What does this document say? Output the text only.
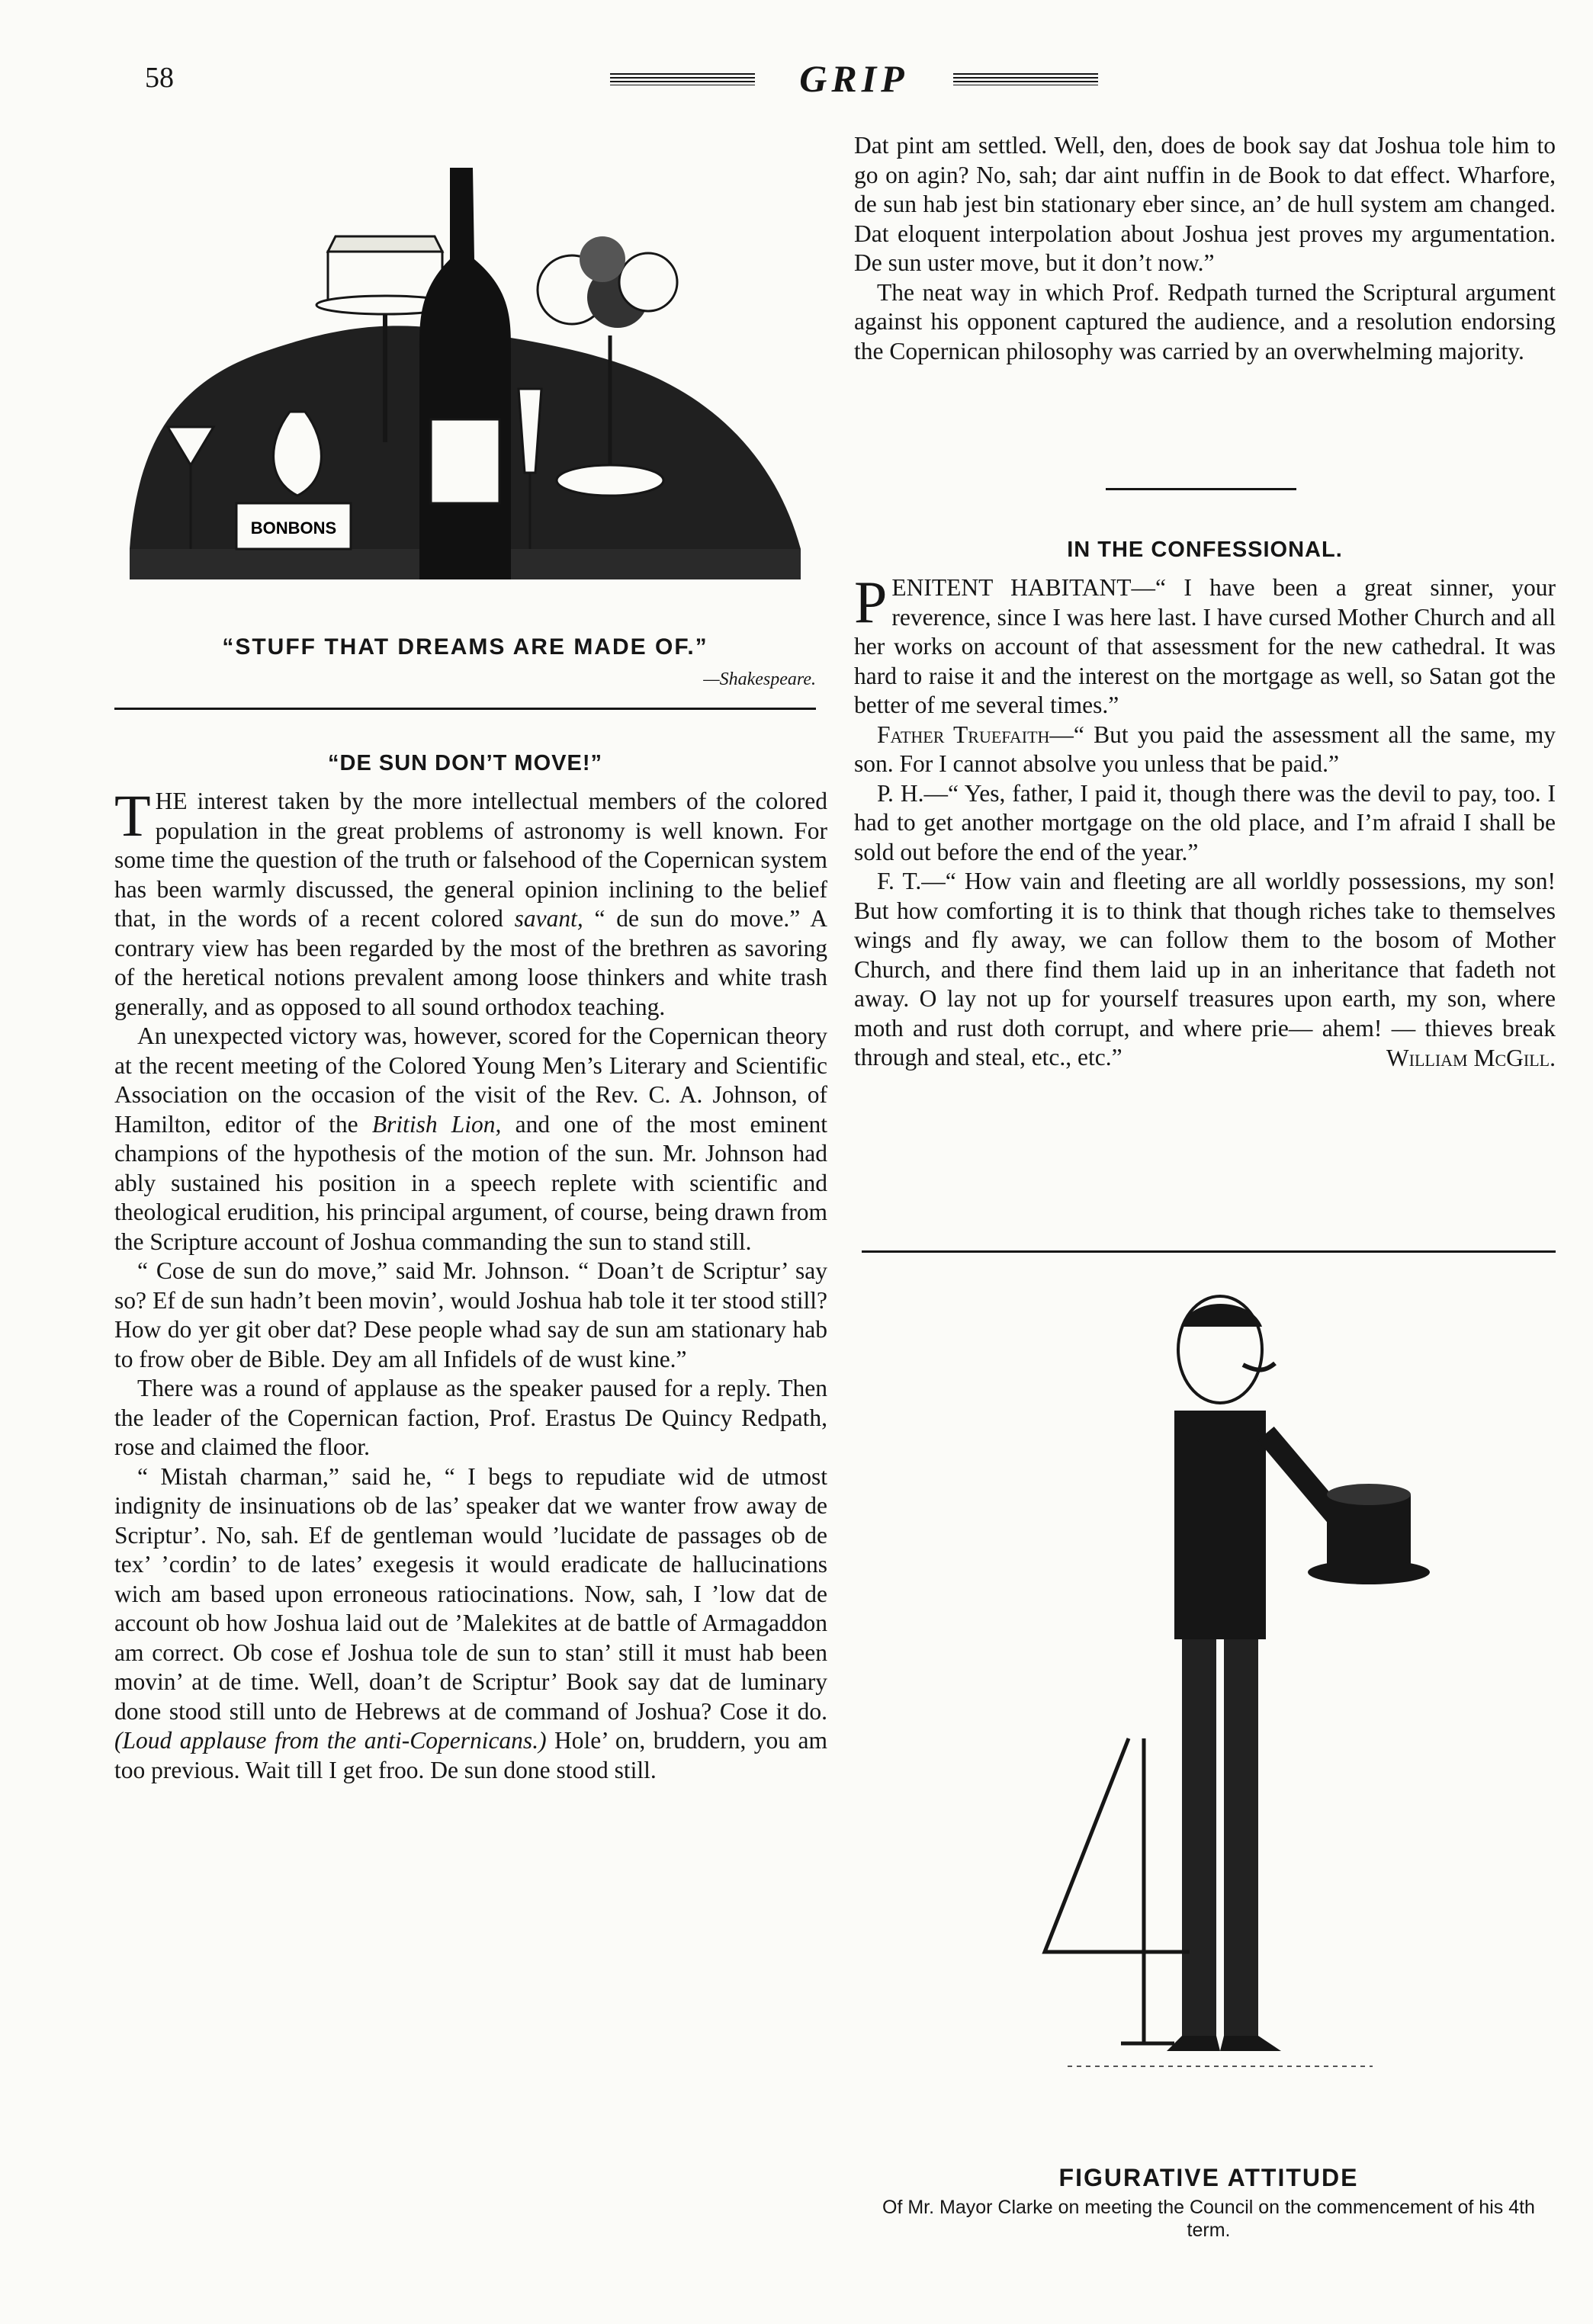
58	GRIP
BONBONS
“STUFF THAT DREAMS ARE MADE OF.”
—Shakespeare.
“DE SUN DON’T MOVE!”

THE interest taken by the more intellectual members of the colored population in the great problems of astronomy is well known. For some time the question of the truth or falsehood of the Copernican system has been warmly discussed, the general opinion inclining to the belief that, in the words of a recent colored savant, “ de sun do move.” A contrary view has been regarded by the most of the brethren as savoring of the heretical notions prevalent among loose thinkers and white trash generally, and as opposed to all sound orthodox teaching.

An unexpected victory was, however, scored for the Copernican theory at the recent meeting of the Colored Young Men’s Literary and Scientific Association on the occasion of the visit of the Rev. C. A. Johnson, of Hamilton, editor of the British Lion, and one of the most eminent champions of the hypothesis of the motion of the sun. Mr. Johnson had ably sustained his position in a speech replete with scientific and theological erudition, his principal argument, of course, being drawn from the Scripture account of Joshua commanding the sun to stand still.

“ Cose de sun do move,” said Mr. Johnson. “ Doan’t de Scriptur’ say so? Ef de sun hadn’t been movin’, would Joshua hab tole it ter stood still? How do yer git ober dat? Dese people whad say de sun am stationary hab to frow ober de Bible. Dey am all Infidels of de wust kine.”

There was a round of applause as the speaker paused for a reply. Then the leader of the Copernican faction, Prof. Erastus De Quincy Redpath, rose and claimed the floor.

“ Mistah charman,” said he, “ I begs to repudiate wid de utmost indignity de insinuations ob de las’ speaker dat we wanter frow away de Scriptur’. No, sah. Ef de gentleman would ’lucidate de passages ob de tex’ ’cordin’ to de lates’ exegesis it would eradicate de hallucinations wich am based upon erroneous ratiocinations. Now, sah, I ’low dat de account ob how Joshua laid out de ’Malekites at de battle of Armagaddon am correct. Ob cose ef Joshua tole de sun to stan’ still it must hab been movin’ at de time. Well, doan’t de Scriptur’ Book say dat de luminary done stood still unto de Hebrews at de command of Joshua? Cose it do. (Loud applause from the anti-Copernicans.) Hole’ on, bruddern, you am too previous. Wait till I get froo. De sun done stood still.

Dat pint am settled. Well, den, does de book say dat Joshua tole him to go on agin? No, sah; dar aint nuffin in de Book to dat effect. Wharfore, de sun hab jest bin stationary eber since, an’ de hull system am changed. Dat eloquent interpolation about Joshua jest proves my argumentation. De sun uster move, but it don’t now.”

The neat way in which Prof. Redpath turned the Scriptural argument against his opponent captured the audience, and a resolution endorsing the Copernican philosophy was carried by an overwhelming majority.

IN THE CONFESSIONAL.

PENITENT HABITANT—“ I have been a great sinner, your reverence, since I was here last. I have cursed Mother Church and all her works on account of that assessment for the new cathedral. It was hard to raise it and the interest on the mortgage as well, so Satan got the better of me several times.”

Father Truefaith—“ But you paid the assessment all the same, my son. For I cannot absolve you unless that be paid.”

P. H.—“ Yes, father, I paid it, though there was the devil to pay, too. I had to get another mortgage on the old place, and I’m afraid I shall be sold out before the end of the year.”

F. T.—“ How vain and fleeting are all worldly possessions, my son! But how comforting it is to think that though riches take to themselves wings and fly away, we can follow them to the bosom of Mother Church, and there find them laid up in an inheritance that fadeth not away. O lay not up for yourself treasures upon earth, my son, where moth and rust doth corrupt, and where prie— ahem! — thieves break through and steal, etc., etc.”	William McGill.
FIGURATIVE ATTITUDE
Of Mr. Mayor Clarke on meeting the Council on the commencement of his 4th term.
